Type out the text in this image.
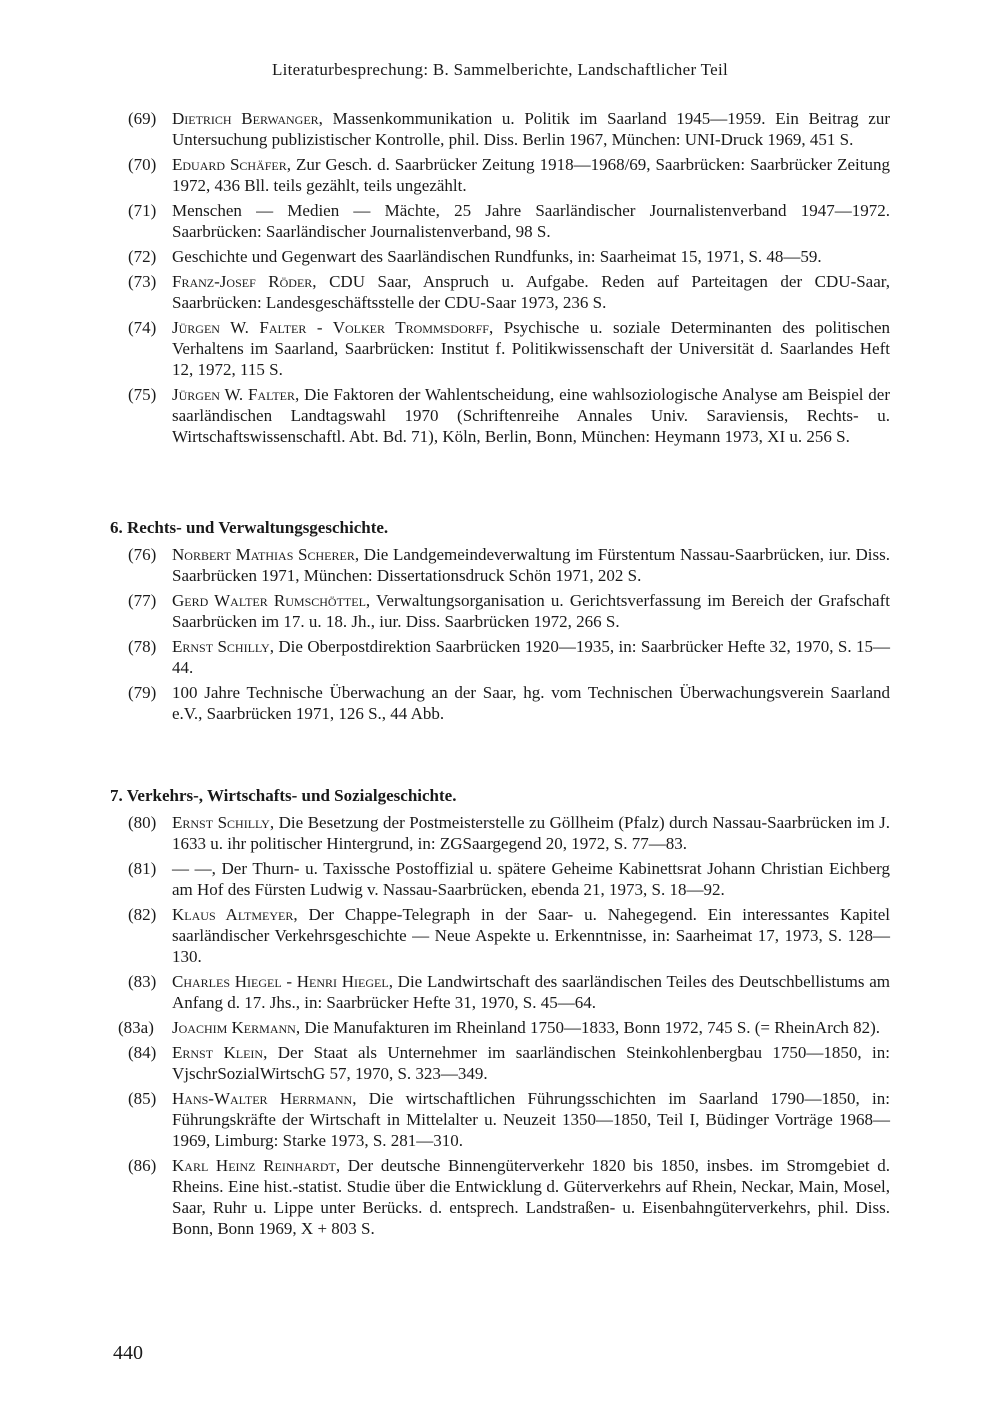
Literaturbesprechung: B. Sammelberichte, Landschaftlicher Teil
(69) Dietrich Berwanger, Massenkommunikation u. Politik im Saarland 1945—1959. Ein Beitrag zur Untersuchung publizistischer Kontrolle, phil. Diss. Berlin 1967, München: UNI-Druck 1969, 451 S.
(70) Eduard Schäfer, Zur Gesch. d. Saarbrücker Zeitung 1918—1968/69, Saarbrücken: Saarbrücker Zeitung 1972, 436 Bll. teils gezählt, teils ungezählt.
(71) Menschen — Medien — Mächte, 25 Jahre Saarländischer Journalistenverband 1947—1972. Saarbrücken: Saarländischer Journalistenverband, 98 S.
(72) Geschichte und Gegenwart des Saarländischen Rundfunks, in: Saarheimat 15, 1971, S. 48—59.
(73) Franz-Josef Röder, CDU Saar, Anspruch u. Aufgabe. Reden auf Parteitagen der CDU-Saar, Saarbrücken: Landesgeschäftsstelle der CDU-Saar 1973, 236 S.
(74) Jürgen W. Falter - Volker Trommsdorff, Psychische u. soziale Determinanten des politischen Verhaltens im Saarland, Saarbrücken: Institut f. Politikwissenschaft der Universität d. Saarlandes Heft 12, 1972, 115 S.
(75) Jürgen W. Falter, Die Faktoren der Wahlentscheidung, eine wahlsoziologische Analyse am Beispiel der saarländischen Landtagswahl 1970 (Schriftenreihe Annales Univ. Saraviensis, Rechts- u. Wirtschaftswissenschaftl. Abt. Bd. 71), Köln, Berlin, Bonn, München: Heymann 1973, XI u. 256 S.
6. Rechts- und Verwaltungsgeschichte.
(76) Norbert Mathias Scherer, Die Landgemeindeverwaltung im Fürstentum Nassau-Saarbrücken, iur. Diss. Saarbrücken 1971, München: Dissertationsdruck Schön 1971, 202 S.
(77) Gerd Walter Rumschöttel, Verwaltungsorganisation u. Gerichtsverfassung im Bereich der Grafschaft Saarbrücken im 17. u. 18. Jh., iur. Diss. Saarbrücken 1972, 266 S.
(78) Ernst Schilly, Die Oberpostdirektion Saarbrücken 1920—1935, in: Saarbrücker Hefte 32, 1970, S. 15—44.
(79) 100 Jahre Technische Überwachung an der Saar, hg. vom Technischen Überwachungsverein Saarland e.V., Saarbrücken 1971, 126 S., 44 Abb.
7. Verkehrs-, Wirtschafts- und Sozialgeschichte.
(80) Ernst Schilly, Die Besetzung der Postmeisterstelle zu Göllheim (Pfalz) durch Nassau-Saarbrücken im J. 1633 u. ihr politischer Hintergrund, in: ZGSaargegend 20, 1972, S. 77—83.
(81) — —, Der Thurn- u. Taxissche Postoffizial u. spätere Geheime Kabinettsrat Johann Christian Eichberg am Hof des Fürsten Ludwig v. Nassau-Saarbrücken, ebenda 21, 1973, S. 18—92.
(82) Klaus Altmeyer, Der Chappe-Telegraph in der Saar- u. Nahegegend. Ein interessantes Kapitel saarländischer Verkehrsgeschichte — Neue Aspekte u. Erkenntnisse, in: Saarheimat 17, 1973, S. 128—130.
(83) Charles Hiegel - Henri Hiegel, Die Landwirtschaft des saarländischen Teiles des Deutschbellistums am Anfang d. 17. Jhs., in: Saarbrücker Hefte 31, 1970, S. 45—64.
(83a) Joachim Kermann, Die Manufakturen im Rheinland 1750—1833, Bonn 1972, 745 S. (= RheinArch 82).
(84) Ernst Klein, Der Staat als Unternehmer im saarländischen Steinkohlenbergbau 1750—1850, in: VjschrSozialWirtschG 57, 1970, S. 323—349.
(85) Hans-Walter Herrmann, Die wirtschaftlichen Führungsschichten im Saarland 1790—1850, in: Führungskräfte der Wirtschaft in Mittelalter u. Neuzeit 1350—1850, Teil I, Büdinger Vorträge 1968—1969, Limburg: Starke 1973, S. 281—310.
(86) Karl Heinz Reinhardt, Der deutsche Binnengüterverkehr 1820 bis 1850, insbes. im Stromgebiet d. Rheins. Eine hist.-statist. Studie über die Entwicklung d. Güterverkehrs auf Rhein, Neckar, Main, Mosel, Saar, Ruhr u. Lippe unter Berücks. d. entsprech. Landstraßen- u. Eisenbahngüterverkehrs, phil. Diss. Bonn, Bonn 1969, X + 803 S.
440
